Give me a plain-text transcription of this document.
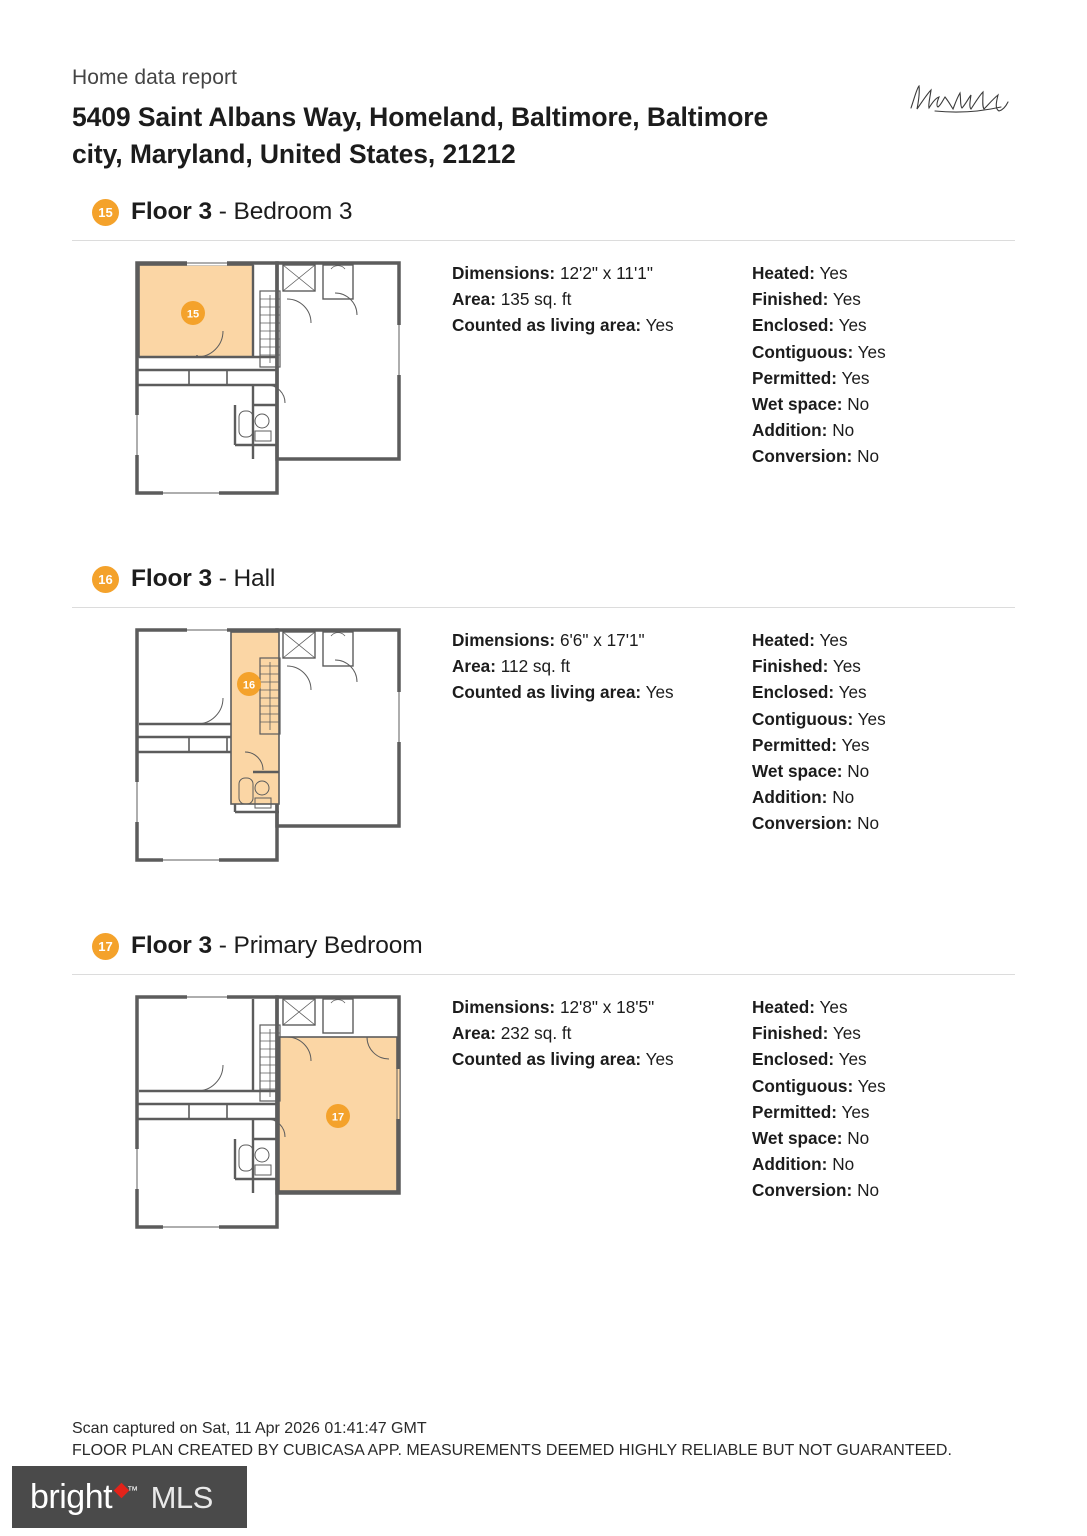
Home data report
5409 Saint Albans Way, Homeland, Baltimore, Baltimore city, Maryland, United States, 21212
15 Floor 3 - Bedroom 3
15
Dimensions: 12'2" x 11'1"
Area: 135 sq. ft
Counted as living area: Yes
Heated: Yes
Finished: Yes
Enclosed: Yes
Contiguous: Yes
Permitted: Yes
Wet space: No
Addition: No
Conversion: No
16 Floor 3 - Hall
16
Dimensions: 6'6" x 17'1"
Area: 112 sq. ft
Counted as living area: Yes
Heated: Yes
Finished: Yes
Enclosed: Yes
Contiguous: Yes
Permitted: Yes
Wet space: No
Addition: No
Conversion: No
17 Floor 3 - Primary Bedroom
17
Dimensions: 12'8" x 18'5"
Area: 232 sq. ft
Counted as living area: Yes
Heated: Yes
Finished: Yes
Enclosed: Yes
Contiguous: Yes
Permitted: Yes
Wet space: No
Addition: No
Conversion: No
Scan captured on Sat, 11 Apr 2026 01:41:47 GMT
FLOOR PLAN CREATED BY CUBICASA APP. MEASUREMENTS DEEMED HIGHLY RELIABLE BUT NOT GUARANTEED.
bright ™ MLS
